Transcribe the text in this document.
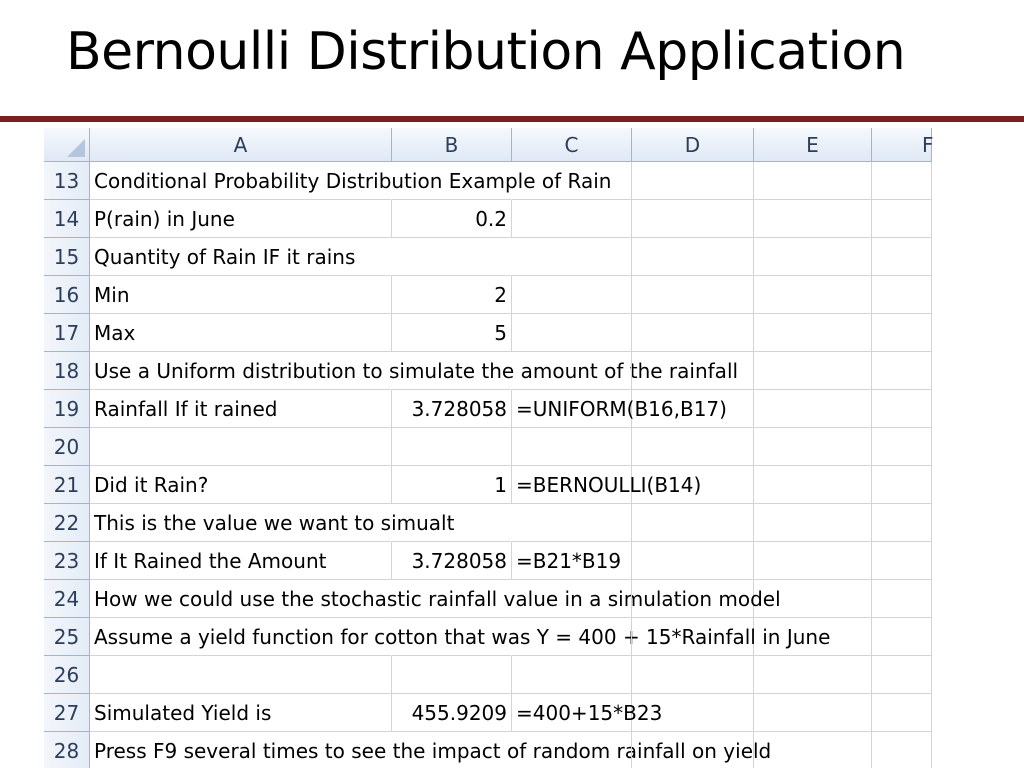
Bernoulli Distribution Application
A	B	C	D	E	F
13 Conditional Probability Distribution Example of Rain
14 P(rain) in June	0.2
15 Quantity of Rain IF it rains
16 Min	2
17 Max	5
18 Use a Uniform distribution to simulate the amount of the rainfall
19 Rainfall If it rained	3.728058 =UNIFORM(B16,B17)
20
21 Did it Rain?	1 =BERNOULLI(B14)
22 This is the value we want to simualt
23 If It Rained the Amount	3.728058 =B21*B19
24 How we could use the stochastic rainfall value in a simulation model
25 Assume a yield function for cotton that was Y = 400 + 15*Rainfall in June
26
27 Simulated Yield is	455.9209 =400+15*B23
28 Press F9 several times to see the impact of random rainfall on yield
